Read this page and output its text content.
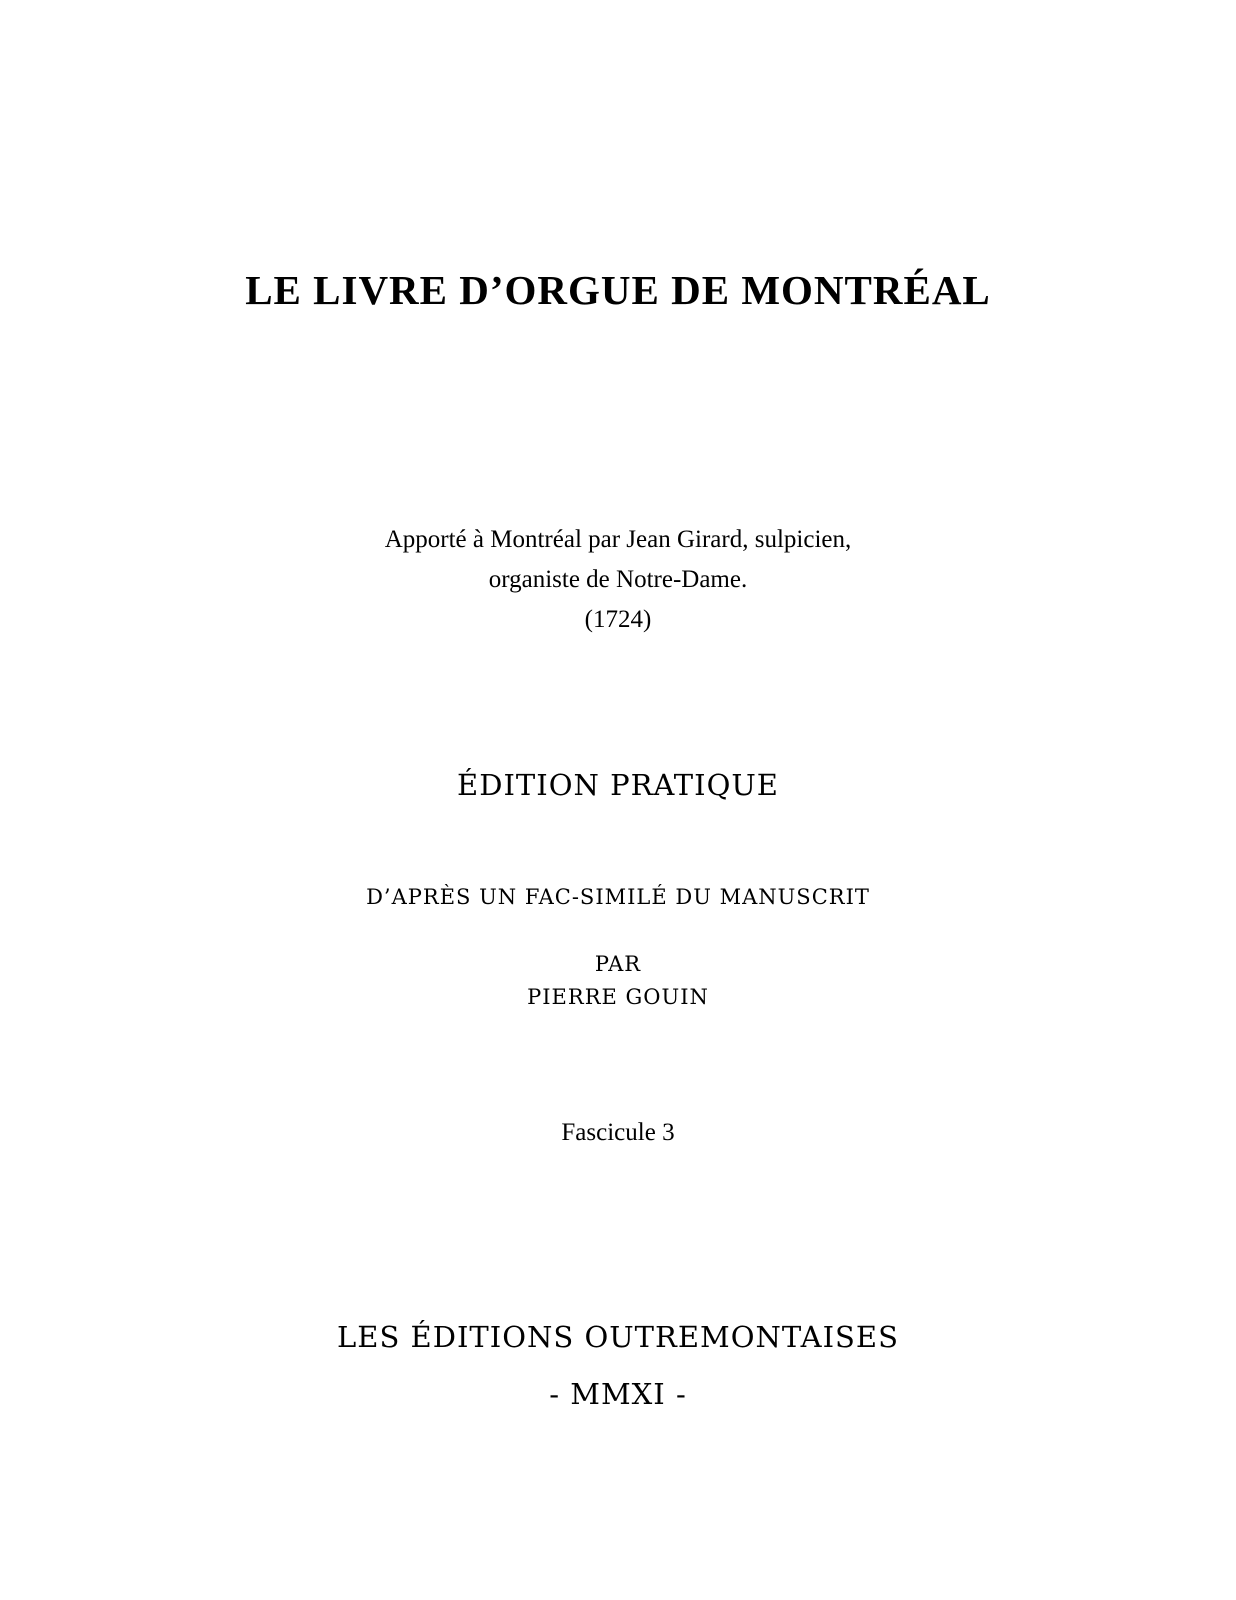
LE LIVRE D’ORGUE DE MONTRÉAL
Apporté à Montréal par Jean Girard, sulpicien,
organiste de Notre-Dame.
(1724)
ÉDITION PRATIQUE
D’APRÈS UN FAC-SIMILÉ DU MANUSCRIT
PAR
PIERRE GOUIN
Fascicule 3
LES ÉDITIONS OUTREMONTAISES
- MMXI -
